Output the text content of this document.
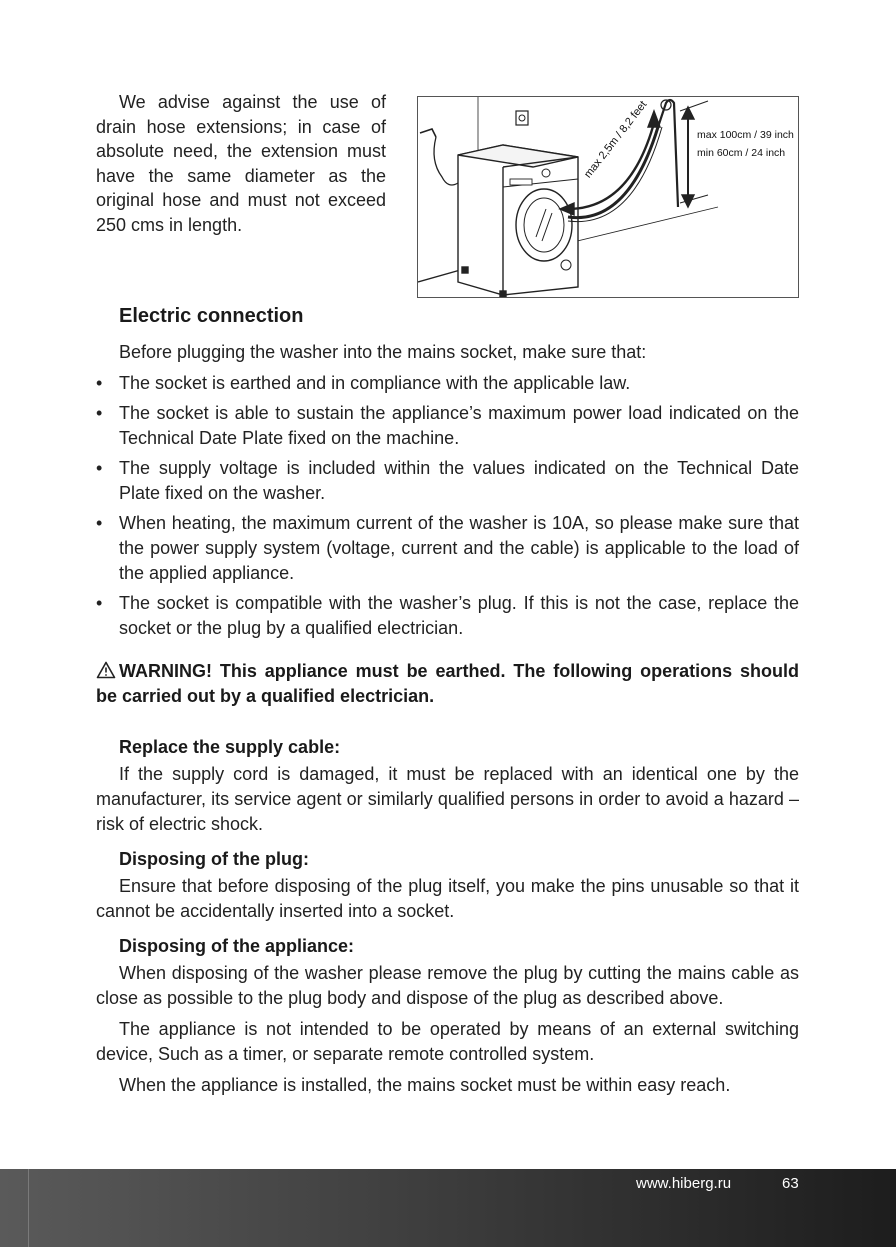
We advise against the use of drain hose extensions; in case of absolute need, the extension must have the same diameter as the original hose and must not exceed 250 cms in length.

max 100cm / 39 inch
min 60cm / 24 inch
max 2,5m / 8,2 feet
Electric connection

Before plugging the washer into the mains socket, make sure that:

• The socket is earthed and in compliance with the applicable law.
• The socket is able to sustain the appliance’s maximum power load indicated on the Technical Date Plate fixed on the machine.
• The supply voltage is included within the values indicated on the Technical Date Plate fixed on the washer.
• When heating, the maximum current of the washer is 10A, so please make sure that the power supply system (voltage, current and the cable) is applicable to the load of the applied appliance.
• The socket is compatible with the washer’s plug. If this is not the case, replace the socket or the plug by a qualified electrician.

WARNING! This appliance must be earthed. The following operations should be carried out by a qualified electrician.

Replace the supply cable:

If the supply cord is damaged, it must be replaced with an identical one by the manufacturer, its service agent or similarly qualified persons in order to avoid a hazard – risk of electric shock.

Disposing of the plug:

Ensure that before disposing of the plug itself, you make the pins unusable so that it cannot be accidentally inserted into a socket.

Disposing of the appliance:

When disposing of the washer please remove the plug by cutting the mains cable as close as possible to the plug body and dispose of the plug as described above.

The appliance is not intended to be operated by means of an external switching device, Such as a timer, or separate remote controlled system.

When the appliance is installed, the mains socket must be within easy reach.

www.hiberg.ru	63
